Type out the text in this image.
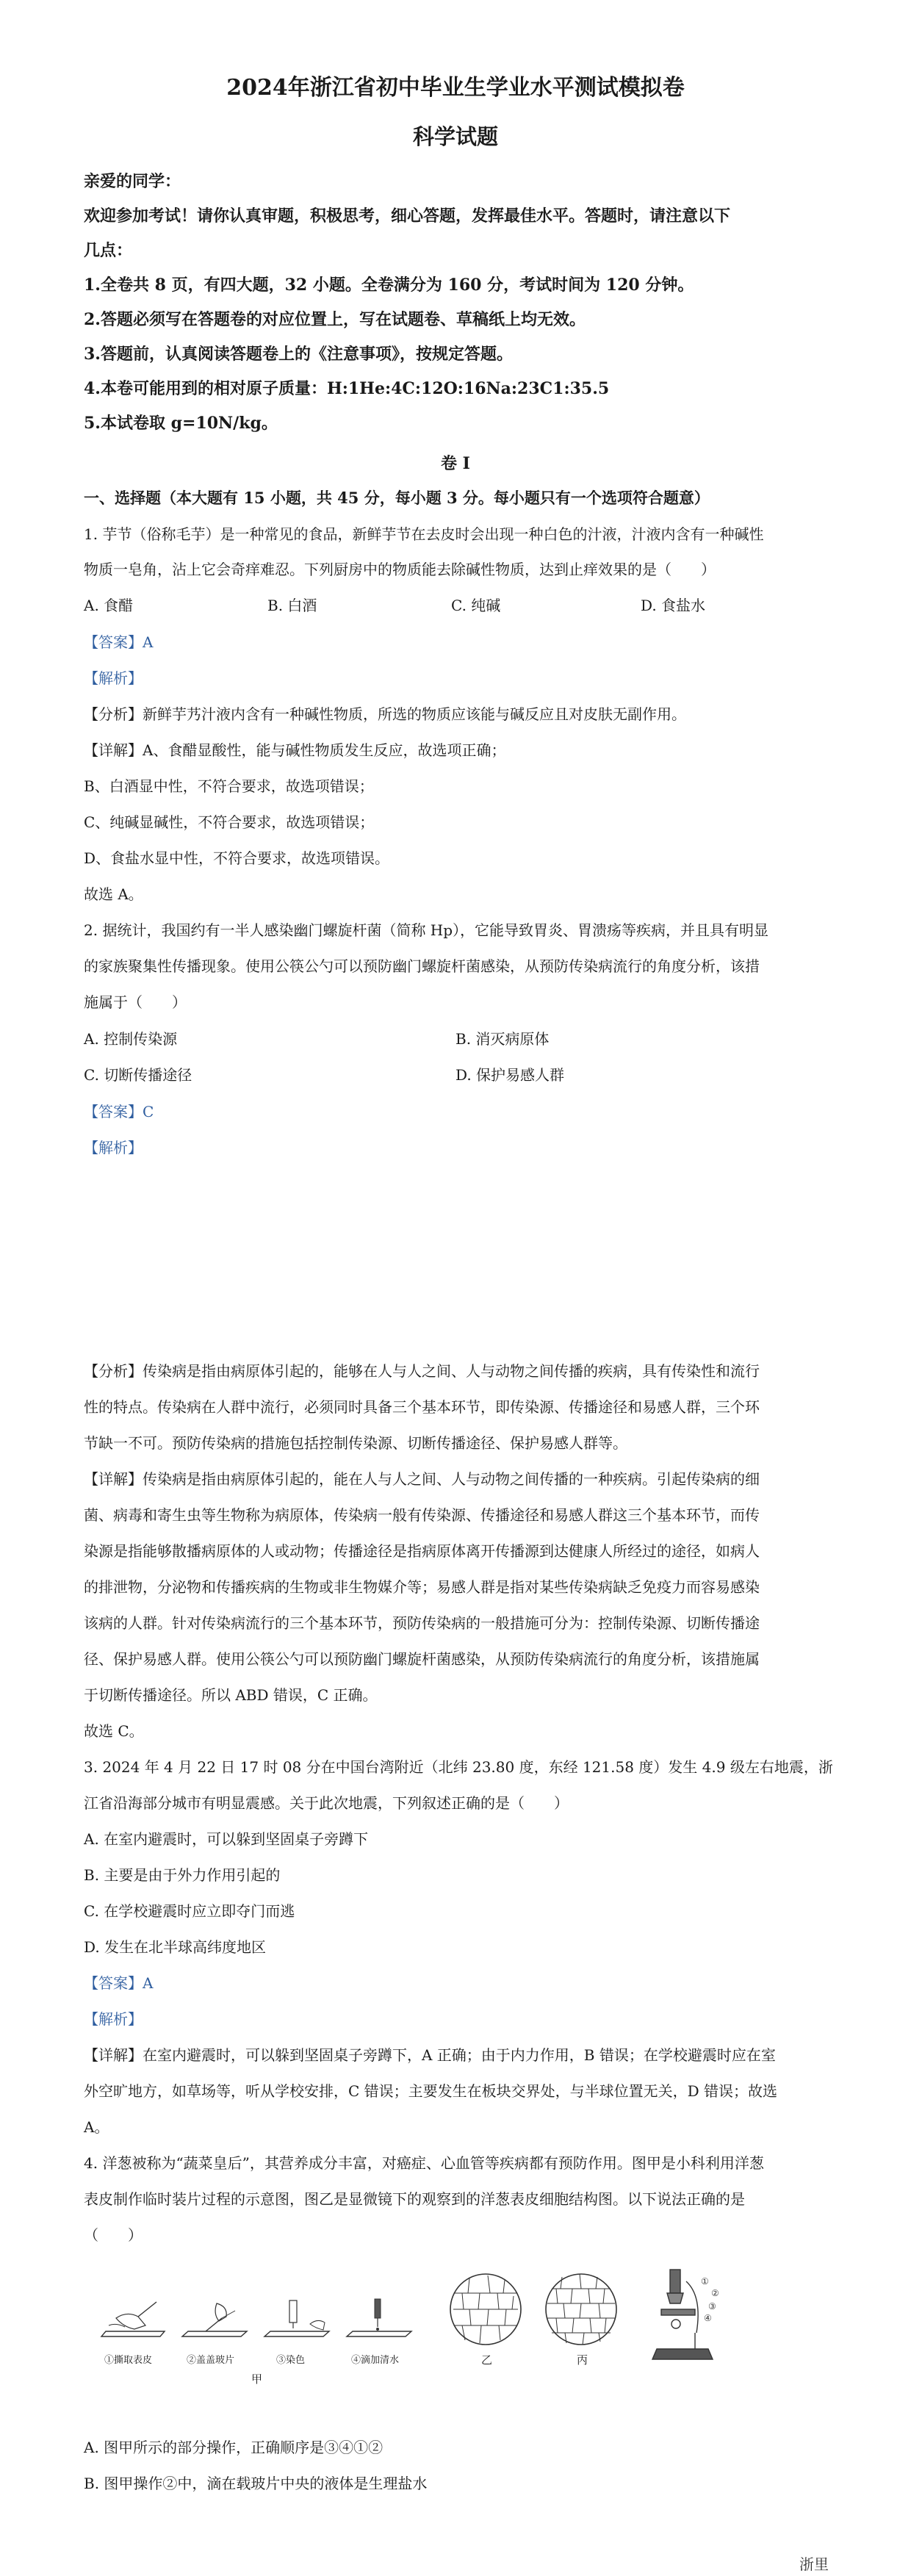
2024年浙江省初中毕业生学业水平测试模拟卷
科学试题
亲爱的同学：
欢迎参加考试！请你认真审题，积极思考，细心答题，发挥最佳水平。答题时，请注意以下
几点：
1.全卷共 8 页，有四大题，32 小题。全卷满分为 160 分，考试时间为 120 分钟。
2.答题必须写在答题卷的对应位置上，写在试题卷、草稿纸上均无效。
3.答题前，认真阅读答题卷上的《注意事项》，按规定答题。
4.本卷可能用到的相对原子质量：H:1He:4C:12O:16Na:23C1:35.5
5.本试卷取 g=10N/kg。
卷 I
一、选择题（本大题有 15 小题，共 45 分，每小题 3 分。每小题只有一个选项符合题意）
1. 芋节（俗称毛芋）是一种常见的食品，新鲜芋节在去皮时会出现一种白色的汁液，汁液内含有一种碱性
物质一皂角，沾上它会奇痒难忍。下列厨房中的物质能去除碱性物质，达到止痒效果的是（　　）
A. 食醋	B. 白酒	C. 纯碱	D. 食盐水
【答案】A
【解析】
【分析】新鲜芋艿汁液内含有一种碱性物质，所选的物质应该能与碱反应且对皮肤无副作用。
【详解】A、食醋显酸性，能与碱性物质发生反应，故选项正确；
B、白酒显中性，不符合要求，故选项错误；
C、纯碱显碱性，不符合要求，故选项错误；
D、食盐水显中性，不符合要求，故选项错误。
故选 A。
2. 据统计，我国约有一半人感染幽门螺旋杆菌（简称 Hp），它能导致胃炎、胃溃疡等疾病，并且具有明显
的家族聚集性传播现象。使用公筷公勺可以预防幽门螺旋杆菌感染，从预防传染病流行的角度分析，该措
施属于（　　）
A. 控制传染源	B. 消灭病原体
C. 切断传播途径	D. 保护易感人群
【答案】C
【解析】
【分析】传染病是指由病原体引起的，能够在人与人之间、人与动物之间传播的疾病，具有传染性和流行
性的特点。传染病在人群中流行，必须同时具备三个基本环节，即传染源、传播途径和易感人群，三个环
节缺一不可。预防传染病的措施包括控制传染源、切断传播途径、保护易感人群等。
【详解】传染病是指由病原体引起的，能在人与人之间、人与动物之间传播的一种疾病。引起传染病的细
菌、病毒和寄生虫等生物称为病原体，传染病一般有传染源、传播途径和易感人群这三个基本环节，而传
染源是指能够散播病原体的人或动物；传播途径是指病原体离开传播源到达健康人所经过的途径，如病人
的排泄物，分泌物和传播疾病的生物或非生物媒介等；易感人群是指对某些传染病缺乏免疫力而容易感染
该病的人群。针对传染病流行的三个基本环节，预防传染病的一般措施可分为：控制传染源、切断传播途
径、保护易感人群。使用公筷公勺可以预防幽门螺旋杆菌感染，从预防传染病流行的角度分析，该措施属
于切断传播途径。所以 ABD 错误，C 正确。
故选 C。
3. 2024 年 4 月 22 日 17 时 08 分在中国台湾附近（北纬 23.80 度，东经 121.58 度）发生 4.9 级左右地震，浙
江省沿海部分城市有明显震感。关于此次地震，下列叙述正确的是（　　）
A. 在室内避震时，可以躲到坚固桌子旁蹲下
B. 主要是由于外力作用引起的
C. 在学校避震时应立即夺门而逃
D. 发生在北半球高纬度地区
【答案】A
【解析】
【详解】在室内避震时，可以躲到坚固桌子旁蹲下，A 正确；由于内力作用，B 错误；在学校避震时应在室
外空旷地方，如草场等，听从学校安排，C 错误；主要发生在板块交界处，与半球位置无关，D 错误；故选
A。
4. 洋葱被称为“蔬菜皇后”，其营养成分丰富，对癌症、心血管等疾病都有预防作用。图甲是小科利用洋葱
表皮制作临时装片过程的示意图，图乙是显微镜下的观察到的洋葱表皮细胞结构图。以下说法正确的是
（　　）
①撕取表皮	②盖盖玻片	③染色	④滴加清水
甲
乙	丙
①
②
③
④
A. 图甲所示的部分操作，正确顺序是③④①②
B. 图甲操作②中，滴在载玻片中央的液体是生理盐水
浙里
